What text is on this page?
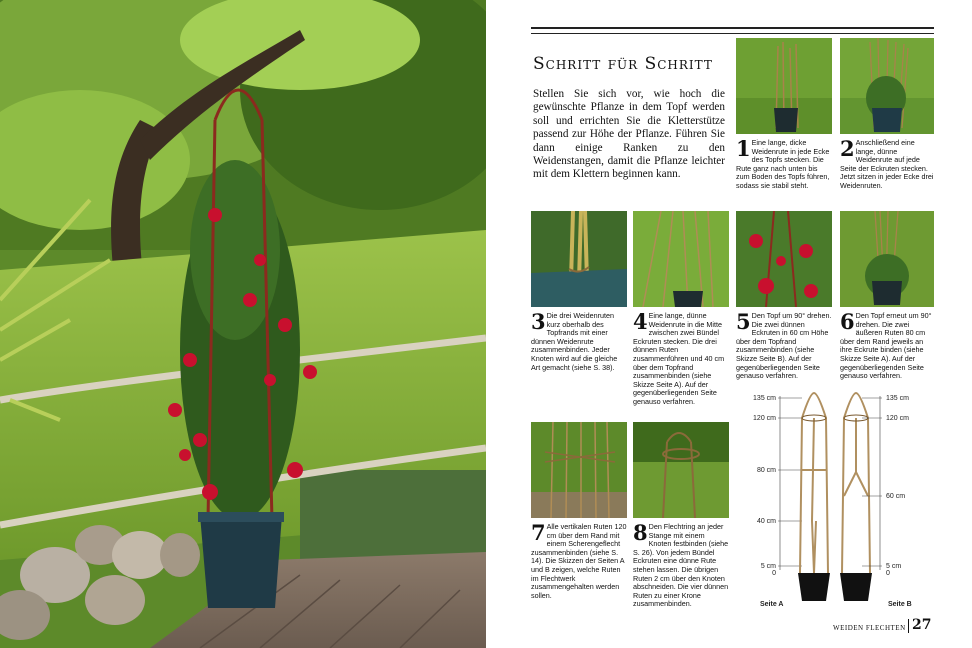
Schritt für Schritt
Stellen Sie sich vor, wie hoch die gewünschte Pflanze in dem Topf werden soll und errichten Sie die Kletterstütze passend zur Höhe der Pflanze. Führen Sie dann einige Ranken zu den Weidenstangen, damit die Pflanze leichter mit dem Klettern beginnen kann.
1 Eine lange, dicke Weidenrute in jede Ecke des Topfs stecken. Die Rute ganz nach unten bis zum Boden des Topfs führen, sodass sie stabil steht.
2 Anschließend eine lange, dünne Weidenrute auf jede Seite der Eckruten stecken. Jetzt sitzen in jeder Ecke drei Weidenruten.
3 Die drei Weidenruten kurz oberhalb des Topfrands mit einer dünnen Weidenrute zusammenbinden. Jeder Knoten wird auf die gleiche Art gemacht (siehe S. 38).
4 Eine lange, dünne Weidenrute in die Mitte zwischen zwei Bündel Eckruten stecken. Die drei dünnen Ruten zusammenführen und 40 cm über dem Topfrand zusammenbinden (siehe Skizze Seite A). Auf der gegenüberliegenden Seite genauso verfahren.
5 Den Topf um 90° drehen. Die zwei dünnen Eckruten in 60 cm Höhe über dem Topfrand zusammenbinden (siehe Skizze Seite B). Auf der gegenüberliegenden Seite genauso verfahren.
6 Den Topf erneut um 90° drehen. Die zwei äußeren Ruten 80 cm über dem Rand jeweils an ihre Eckrute binden (siehe Skizze Seite A). Auf der gegenüberliegenden Seite genauso verfahren.
7 Alle vertikalen Ruten 120 cm über dem Rand mit einem Scherengeflecht zusammenbinden (siehe S. 14). Die Skizzen der Seiten A und B zeigen, welche Ruten im Flechtwerk zusammengehalten werden sollen.
8 Den Flechtring an jeder Stange mit einem Knoten festbinden (siehe S. 26). Von jedem Bündel Eckruten eine dünne Rute stehen lassen. Die übrigen Ruten 2 cm über den Knoten abschneiden. Die vier dünnen Ruten zu einer Krone zusammenbinden.
135 cm
120 cm
80 cm
40 cm
5 cm
0
Seite A
135 cm
120 cm
60 cm
5 cm
0
Seite B
WEIDEN FLECHTEN 27
